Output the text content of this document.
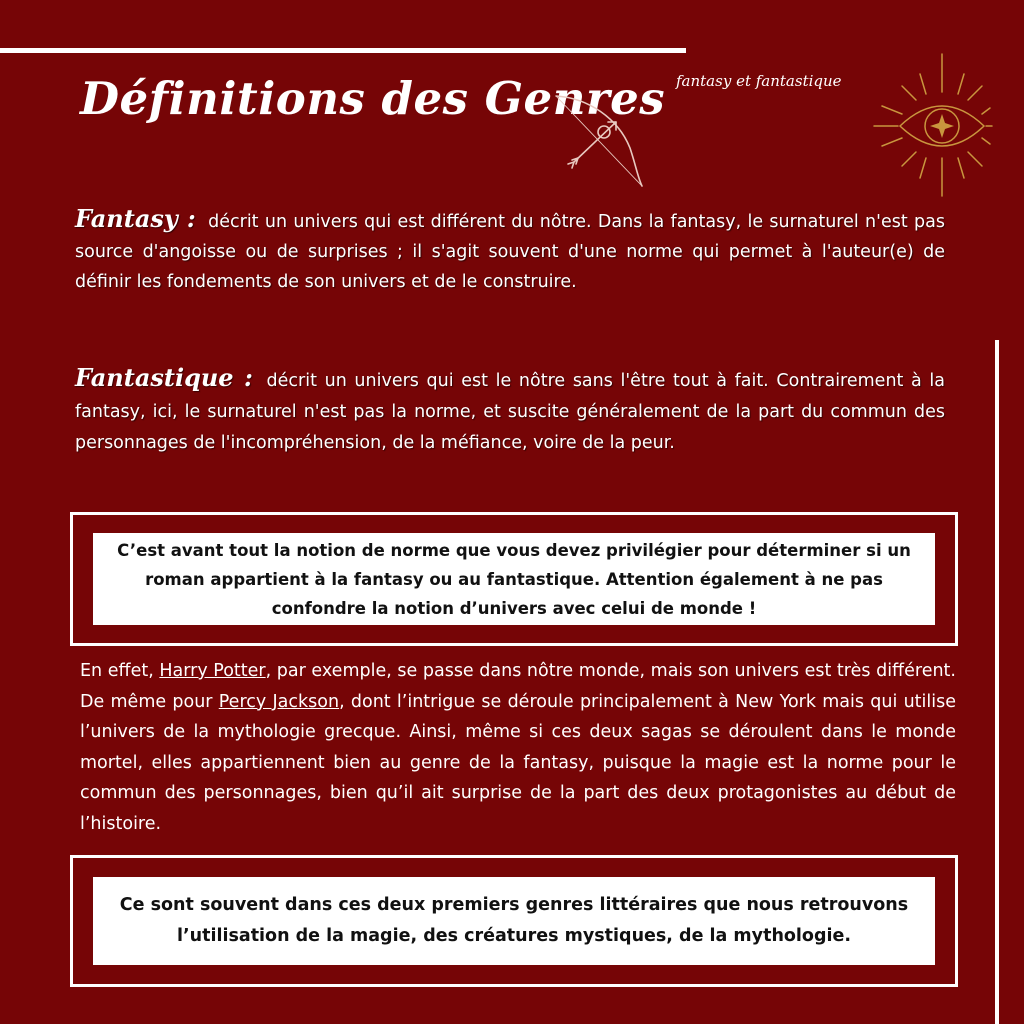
Définitions des Genres fantasy et fantastique
Fantasy : décrit un univers qui est différent du nôtre. Dans la fantasy, le surnaturel n'est pas source d'angoisse ou de surprises ; il s'agit souvent d'une norme qui permet à l'auteur(e) de définir les fondements de son univers et de le construire.
Fantastique : décrit un univers qui est le nôtre sans l'être tout à fait. Contrairement à la fantasy, ici, le surnaturel n'est pas la norme, et suscite généralement de la part du commun des personnages de l'incompréhension, de la méfiance, voire de la peur.
C’est avant tout la notion de norme que vous devez privilégier pour déterminer si un roman appartient à la fantasy ou au fantastique. Attention également à ne pas confondre la notion d’univers avec celui de monde !
En effet, Harry Potter, par exemple, se passe dans nôtre monde, mais son univers est très différent. De même pour Percy Jackson, dont l’intrigue se déroule principalement à New York mais qui utilise l’univers de la mythologie grecque. Ainsi, même si ces deux sagas se déroulent dans le monde mortel, elles appartiennent bien au genre de la fantasy, puisque la magie est la norme pour le commun des personnages, bien qu’il ait surprise de la part des deux protagonistes au début de l’histoire.
Ce sont souvent dans ces deux premiers genres littéraires que nous retrouvons l’utilisation de la magie, des créatures mystiques, de la mythologie.
